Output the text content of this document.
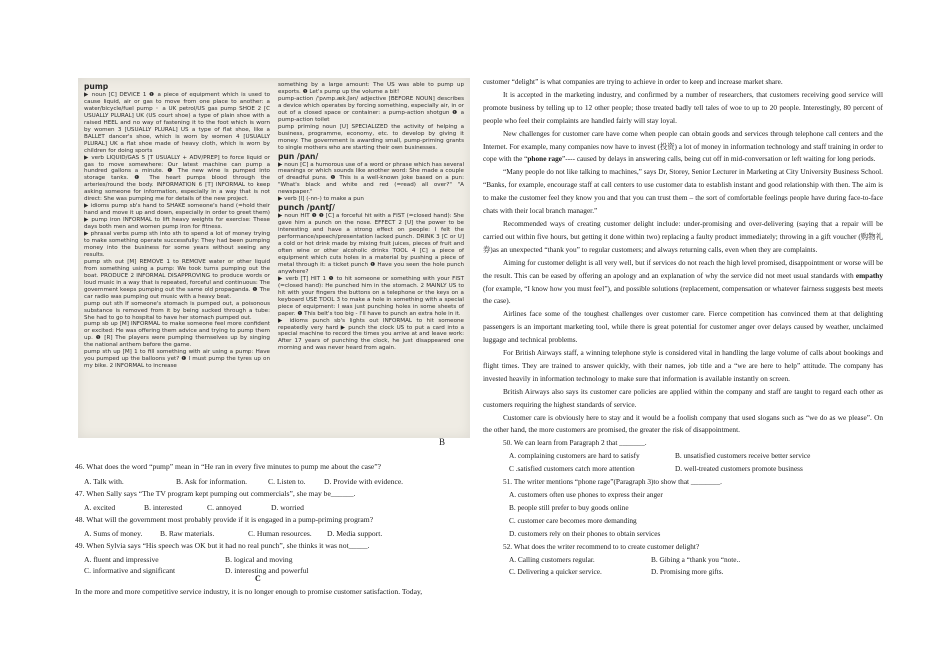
pump

▶ noun [C] DEVICE 1 ❶ a piece of equipment which is used to cause liquid, air or gas to move from one place to another: a water/bicycle/fuel pump ◦ a UK petrol/US gas pump SHOE 2 [C USUALLY PLURAL] UK (US court shoe) a type of plain shoe with a raised HEEL and no way of fastening it to the foot which is worn by women 3 [USUALLY PLURAL] US a type of flat shoe, like a BALLET dancer's shoe, which is worn by women 4 [USUALLY PLURAL] UK a flat shoe made of heavy cloth, which is worn by children for doing sports

▶ verb LIQUID/GAS 5 [T USUALLY + ADV/PREP] to force liquid or gas to move somewhere: Our latest machine can pump a hundred gallons a minute. ❶ The new wine is pumped into storage tanks. ❶ The heart pumps blood through the arteries/round the body. INFORMATION 6 [T] INFORMAL to keep asking someone for information, especially in a way that is not direct: She was pumping me for details of the new project.

▶ idioms pump sb's hand to SHAKE someone's hand (=hold their hand and move it up and down, especially in order to greet them) ▶ pump iron INFORMAL to lift heavy weights for exercise: These days both men and women pump iron for fitness.

▶ phrasal verbs pump sth into sth to spend a lot of money trying to make something operate successfully: They had been pumping money into the business for some years without seeing any results.

pump sth out [M] REMOVE 1 to REMOVE water or other liquid from something using a pump: We took turns pumping out the boat. PRODUCE 2 INFORMAL DISAPPROVING to produce words or loud music in a way that is repeated, forceful and continuous: The government keeps pumping out the same old propaganda. ❶ The car radio was pumping out music with a heavy beat.

pump out sth If someone's stomach is pumped out, a poisonous substance is removed from it by being sucked through a tube: She had to go to hospital to have her stomach pumped out.

pump sb up [M] INFORMAL to make someone feel more confident or excited: He was offering them advice and trying to pump them up. ❶ [R] The players were pumping themselves up by singing the national anthem before the game.

pump sth up [M] 1 to fill something with air using a pump: Have you pumped up the balloons yet? ❶ I must pump the tyres up on my bike. 2 INFORMAL to increase

something by a large amount: The US was able to pump up exports. ❶ Let's pump up the volume a bit!

pump-action /ˈpʌmp.æk.ʃən/ adjective [BEFORE NOUN] describes a device which operates by forcing something, especially air, in or out of a closed space or container: a pump-action shotgun ❶ a pump-action toilet

pump priming noun [U] SPECIALIZED the activity of helping a business, programme, economy, etc. to develop by giving it money: The government is awarding small, pump-priming grants to single mothers who are starting their own businesses.

pun /pʌn/

▶ noun [C] a humorous use of a word or phrase which has several meanings or which sounds like another word: She made a couple of dreadful puns. ❶ This is a well-known joke based on a pun: "What's black and white and red (=read) all over?" "A newspaper."

▶ verb [I] (-nn-) to make a pun

punch /pʌntʃ/

▶ noun HIT ❶ ❶ [C] a forceful hit with a FIST (=closed hand): She gave him a punch on the nose. EFFECT 2 [U] the power to be interesting and have a strong effect on people: I felt the performance/speech/presentation lacked punch. DRINK 3 [C or U] a cold or hot drink made by mixing fruit juices, pieces of fruit and often wine or other alcoholic drinks TOOL 4 [C] a piece of equipment which cuts holes in a material by pushing a piece of metal through it: a ticket punch ❶ Have you seen the hole punch anywhere?

▶ verb [T] HIT 1 ❶ to hit someone or something with your FIST (=closed hand): He punched him in the stomach. 2 MAINLY US to hit with your fingers the buttons on a telephone or the keys on a keyboard USE TOOL 3 to make a hole in something with a special piece of equipment: I was just punching holes in some sheets of paper. ❶ This belt's too big - I'll have to punch an extra hole in it.

▶ idioms punch sb's lights out INFORMAL to hit someone repeatedly very hard ▶ punch the clock US to put a card into a special machine to record the times you arrive at and leave work: After 17 years of punching the clock, he just disappeared one morning and was never heard from again.

B
46. What does the word “pump” mean in “He ran in every five minutes to pump me about the case”?
A. Talk with.	B. Ask for information.	C. Listen to. D. Provide with evidence.
47. When Sally says “The TV program kept pumping out commercials”, she may be______.
A. excited	B. interested	C. annoyed	D. worried
48. What will the government most probably provide if it is engaged in a pump-priming program?
A. Sums of money. B. Raw materials.	C. Human resources. D. Media support.
49. When Sylvia says “His speech was OK but it had no real punch”, she thinks it was not_____.
A. fluent and impressive	B. logical and moving
C. informative and significant	D. interesting and powerful
C
In the more and more competitive service industry, it is no longer enough to promise customer satisfaction. Today,

customer “delight” is what companies are trying to achieve in order to keep and increase market share.

It is accepted in the marketing industry, and confirmed by a number of researchers, that customers receiving good service will promote business by telling up to 12 other people; those treated badly tell tales of woe to up to 20 people. Interestingly, 80 percent of people who feel their complaints are handled fairly will stay loyal.

New challenges for customer care have come when people can obtain goods and services through telephone call centers and the Internet. For example, many companies now have to invest (投资) a lot of money in information technology and staff training in order to cope with the “phone rage”---- caused by delays in answering calls, being cut off in mid-conversation or left waiting for long periods.

“Many people do not like talking to machines,” says Dr, Storey, Senior Lecturer in Marketing at City University Business School. “Banks, for example, encourage staff at call centers to use customer data to establish instant and good relationship with then. The aim is to make the customer feel they know you and that you can trust them – the sort of comfortable feelings people have during face-to-face chats with their local branch manager.”

Recommended ways of creating customer delight include: under-promising and over-delivering (saying that a repair will be carried out within five hours, but getting it done within two) replacing a faulty product immediately; throwing in a gift voucher (购物礼券)as an unexpected “thank you” to regular customers; and always returning calls, even when they are complaints.

Aiming for customer delight is all very well, but if services do not reach the high level promised, disappointment or worse will be the result. This can be eased by offering an apology and an explanation of why the service did not meet usual standards with empathy (for example, “I know how you must feel”), and possible solutions (replacement, compensation or whatever fairness suggests best meets the case).

Airlines face some of the toughest challenges over customer care. Fierce competition has convinced them at that delighting passengers is an important marketing tool, while there is great potential for customer anger over delays caused by weather, unclaimed luggage and technical problems.

For British Airways staff, a winning telephone style is considered vital in handling the large volume of calls about bookings and flight times. They are trained to answer quickly, with their names, job title and a “we are here to help” attitude. The company has invested heavily in information technology to make sure that information is available instantly on screen.

British Airways also says its customer care policies are applied within the company and staff are taught to regard each other as customers requiring the highest standards of service.

Customer care is obviously here to stay and it would be a foolish company that used slogans such as “we do as we please”. On the other hand, the more customers are promised, the greater the risk of disappointment.

50. We can learn from Paragraph 2 that _______.

A. complaining customers are hard to satisfy	B. unsatisfied customers receive better service
C .satisfied customers catch more attention	D. well-treated customers promote business

51. The writer mentions “phone rage”(Paragraph 3)to show that ________.

A. customers often use phones to express their anger

B. people still prefer to buy goods online

C. customer care becomes more demanding

D. customers rely on their phones to obtain services

52. What does the writer recommend to to create customer delight?

A. Calling customers regular.	B. Gibing a “thank you “note..
C. Delivering a quicker service.	D. Promising more gifts.
